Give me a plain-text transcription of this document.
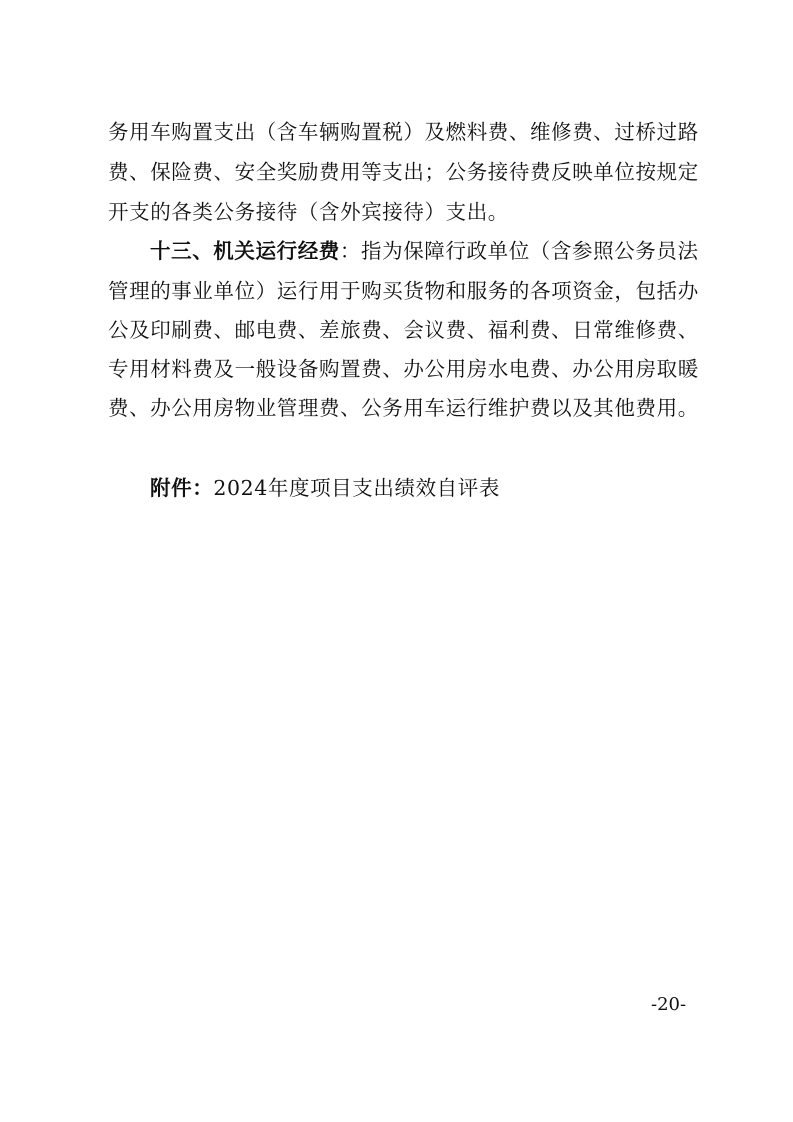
务用车购置支出（含车辆购置税）及燃料费、维修费、过桥过路
费、保险费、安全奖励费用等支出；公务接待费反映单位按规定
开支的各类公务接待（含外宾接待）支出。
十三、机关运行经费：指为保障行政单位（含参照公务员法
管理的事业单位）运行用于购买货物和服务的各项资金，包括办
公及印刷费、邮电费、差旅费、会议费、福利费、日常维修费、
专用材料费及一般设备购置费、办公用房水电费、办公用房取暖
费、办公用房物业管理费、公务用车运行维护费以及其他费用。
附件：2024年度项目支出绩效自评表
-20-
